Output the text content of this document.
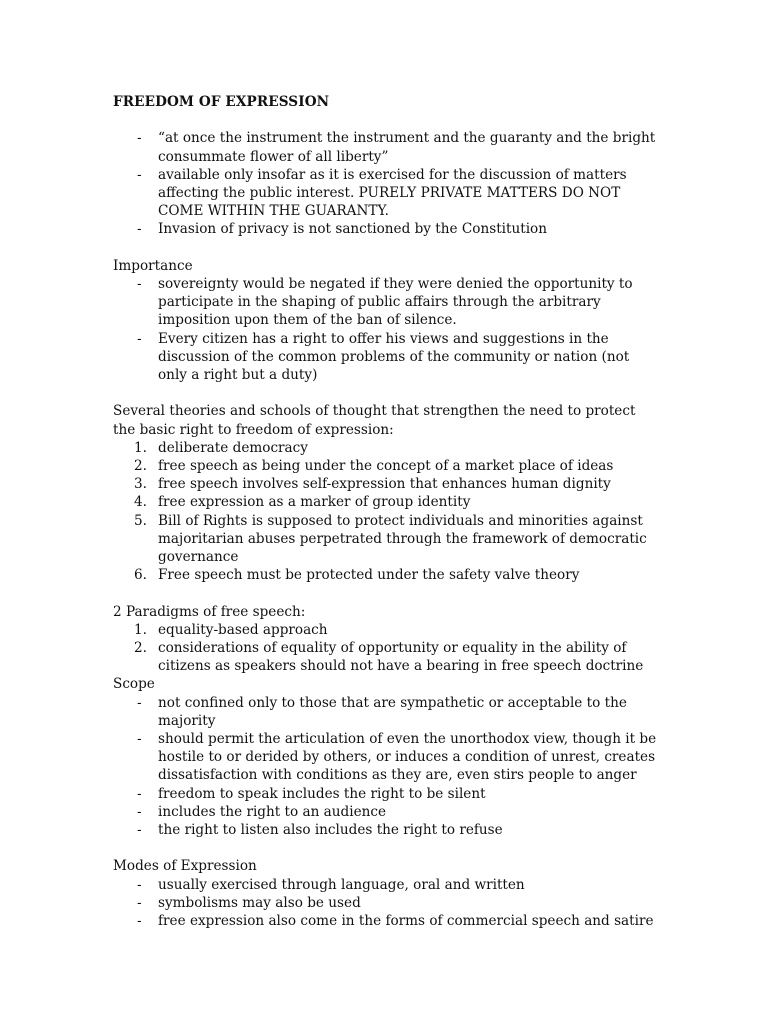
FREEDOM OF EXPRESSION

- “at once the instrument the instrument and the guaranty and the bright consummate flower of all liberty”
- available only insofar as it is exercised for the discussion of matters affecting the public interest. PURELY PRIVATE MATTERS DO NOT COME WITHIN THE GUARANTY.
- Invasion of privacy is not sanctioned by the Constitution

Importance

- sovereignty would be negated if they were denied the opportunity to participate in the shaping of public affairs through the arbitrary imposition upon them of the ban of silence.
- Every citizen has a right to offer his views and suggestions in the discussion of the common problems of the community or nation (not only a right but a duty)

Several theories and schools of thought that strengthen the need to protect the basic right to freedom of expression:

1. deliberate democracy
2. free speech as being under the concept of a market place of ideas
3. free speech involves self-expression that enhances human dignity
4. free expression as a marker of group identity
5. Bill of Rights is supposed to protect individuals and minorities against majoritarian abuses perpetrated through the framework of democratic governance
6. Free speech must be protected under the safety valve theory

2 Paradigms of free speech:

1. equality-based approach
2. considerations of equality of opportunity or equality in the ability of citizens as speakers should not have a bearing in free speech doctrine

Scope

- not confined only to those that are sympathetic or acceptable to the majority
- should permit the articulation of even the unorthodox view, though it be hostile to or derided by others, or induces a condition of unrest, creates dissatisfaction with conditions as they are, even stirs people to anger
- freedom to speak includes the right to be silent
- includes the right to an audience
- the right to listen also includes the right to refuse

Modes of Expression

- usually exercised through language, oral and written
- symbolisms may also be used
- free expression also come in the forms of commercial speech and satire
